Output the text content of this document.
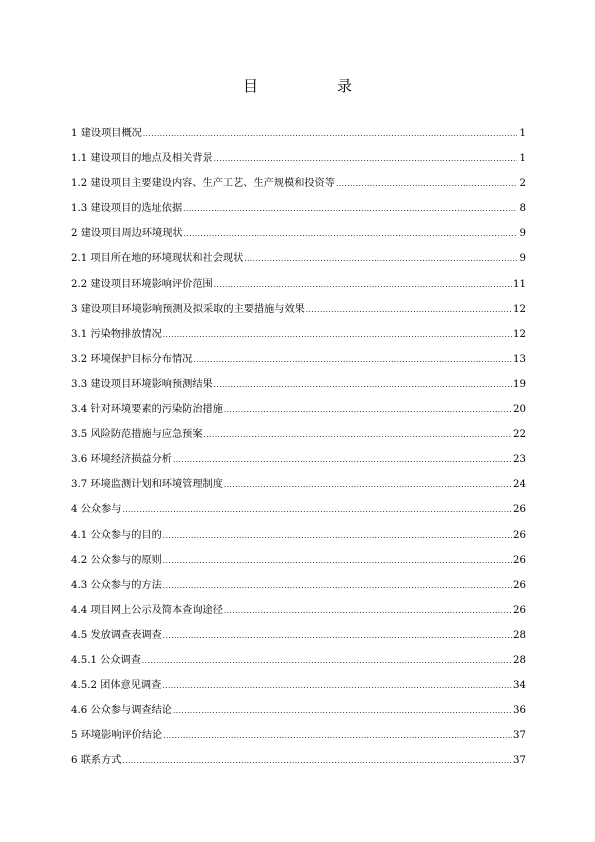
目　录
1 建设项目概况 .....	1
1.1 建设项目的地点及相关背景 .....	1
1.2 建设项目主要建设内容、生产工艺、生产规模和投资等 .....	2
1.3 建设项目的选址依据 .....	8
2 建设项目周边环境现状 .....	9
2.1 项目所在地的环境现状和社会现状 .....	9
2.2 建设项目环境影响评价范围 .....	11
3 建设项目环境影响预测及拟采取的主要措施与效果 .....	12
3.1 污染物排放情况 .....	12
3.2 环境保护目标分布情况 .....	13
3.3 建设项目环境影响预测结果 .....	19
3.4 针对环境要素的污染防治措施 .....	20
3.5 风险防范措施与应急预案 .....	22
3.6 环境经济损益分析 .....	23
3.7 环境监测计划和环境管理制度 .....	24
4 公众参与 .....	26
4.1 公众参与的目的 .....	26
4.2 公众参与的原则 .....	26
4.3 公众参与的方法 .....	26
4.4 项目网上公示及简本查询途径 .....	26
4.5 发放调查表调查 .....	28
4.5.1 公众调查 .....	28
4.5.2 团体意见调查 .....	34
4.6 公众参与调查结论 .....	36
5 环境影响评价结论 .....	37
6 联系方式 .....	37
